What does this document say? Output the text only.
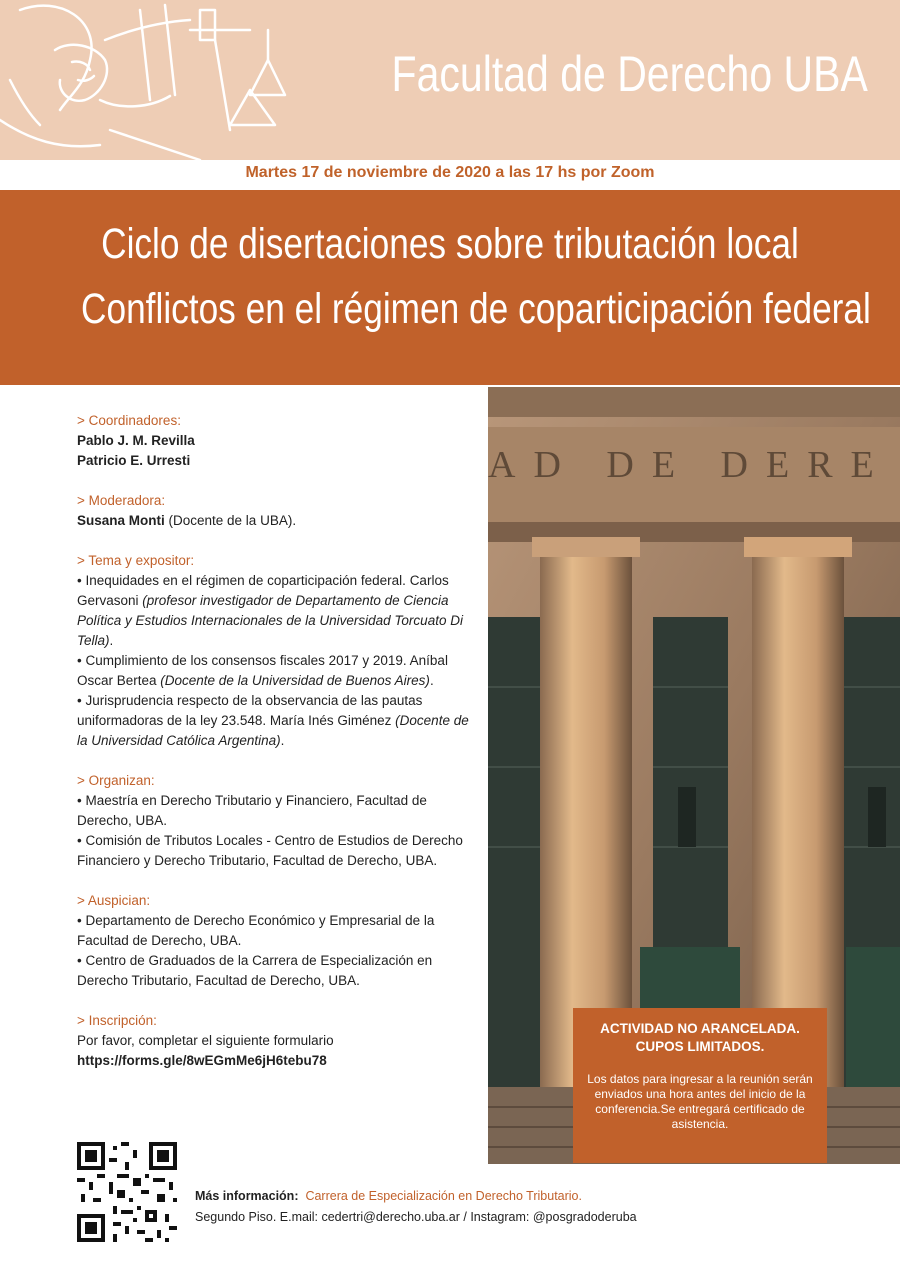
Facultad de Derecho UBA
Martes 17 de noviembre de 2020 a las 17 hs por Zoom
Ciclo de disertaciones sobre tributación local
Conflictos en el régimen de coparticipación federal
> Coordinadores:
Pablo J. M. Revilla
Patricio E. Urresti
> Moderadora:
Susana Monti (Docente de la UBA).
> Tema y expositor:
• Inequidades en el régimen de coparticipación federal. Carlos Gervasoni (profesor investigador de Departamento de Ciencia Política y Estudios Internacionales de la Universidad Torcuato Di Tella).
• Cumplimiento de los consensos fiscales 2017 y 2019. Aníbal Oscar Bertea (Docente de la Universidad de Buenos Aires).
• Jurisprudencia respecto de la observancia de las pautas uniformadoras de la ley 23.548. María Inés Giménez (Docente de la Universidad Católica Argentina).
> Organizan:
• Maestría en Derecho Tributario y Financiero, Facultad de Derecho, UBA.
• Comisión de Tributos Locales - Centro de Estudios de Derecho Financiero y Derecho Tributario, Facultad de Derecho, UBA.
> Auspician:
• Departamento de Derecho Económico y Empresarial de la Facultad de Derecho, UBA.
• Centro de Graduados de la Carrera de Especialización en Derecho Tributario, Facultad de Derecho, UBA.
> Inscripción:
Por favor, completar el siguiente formulario
https://forms.gle/8wEGmMe6jH6tebu78
AD DE DERE
ACTIVIDAD NO ARANCELADA.
CUPOS LIMITADOS.
Los datos para ingresar a la reunión serán enviados una hora antes del inicio de la conferencia.Se entregará certificado de asistencia.
Más información: Carrera de Especialización en Derecho Tributario.
Segundo Piso. E.mail: cedertri@derecho.uba.ar / Instagram: @posgradoderuba
